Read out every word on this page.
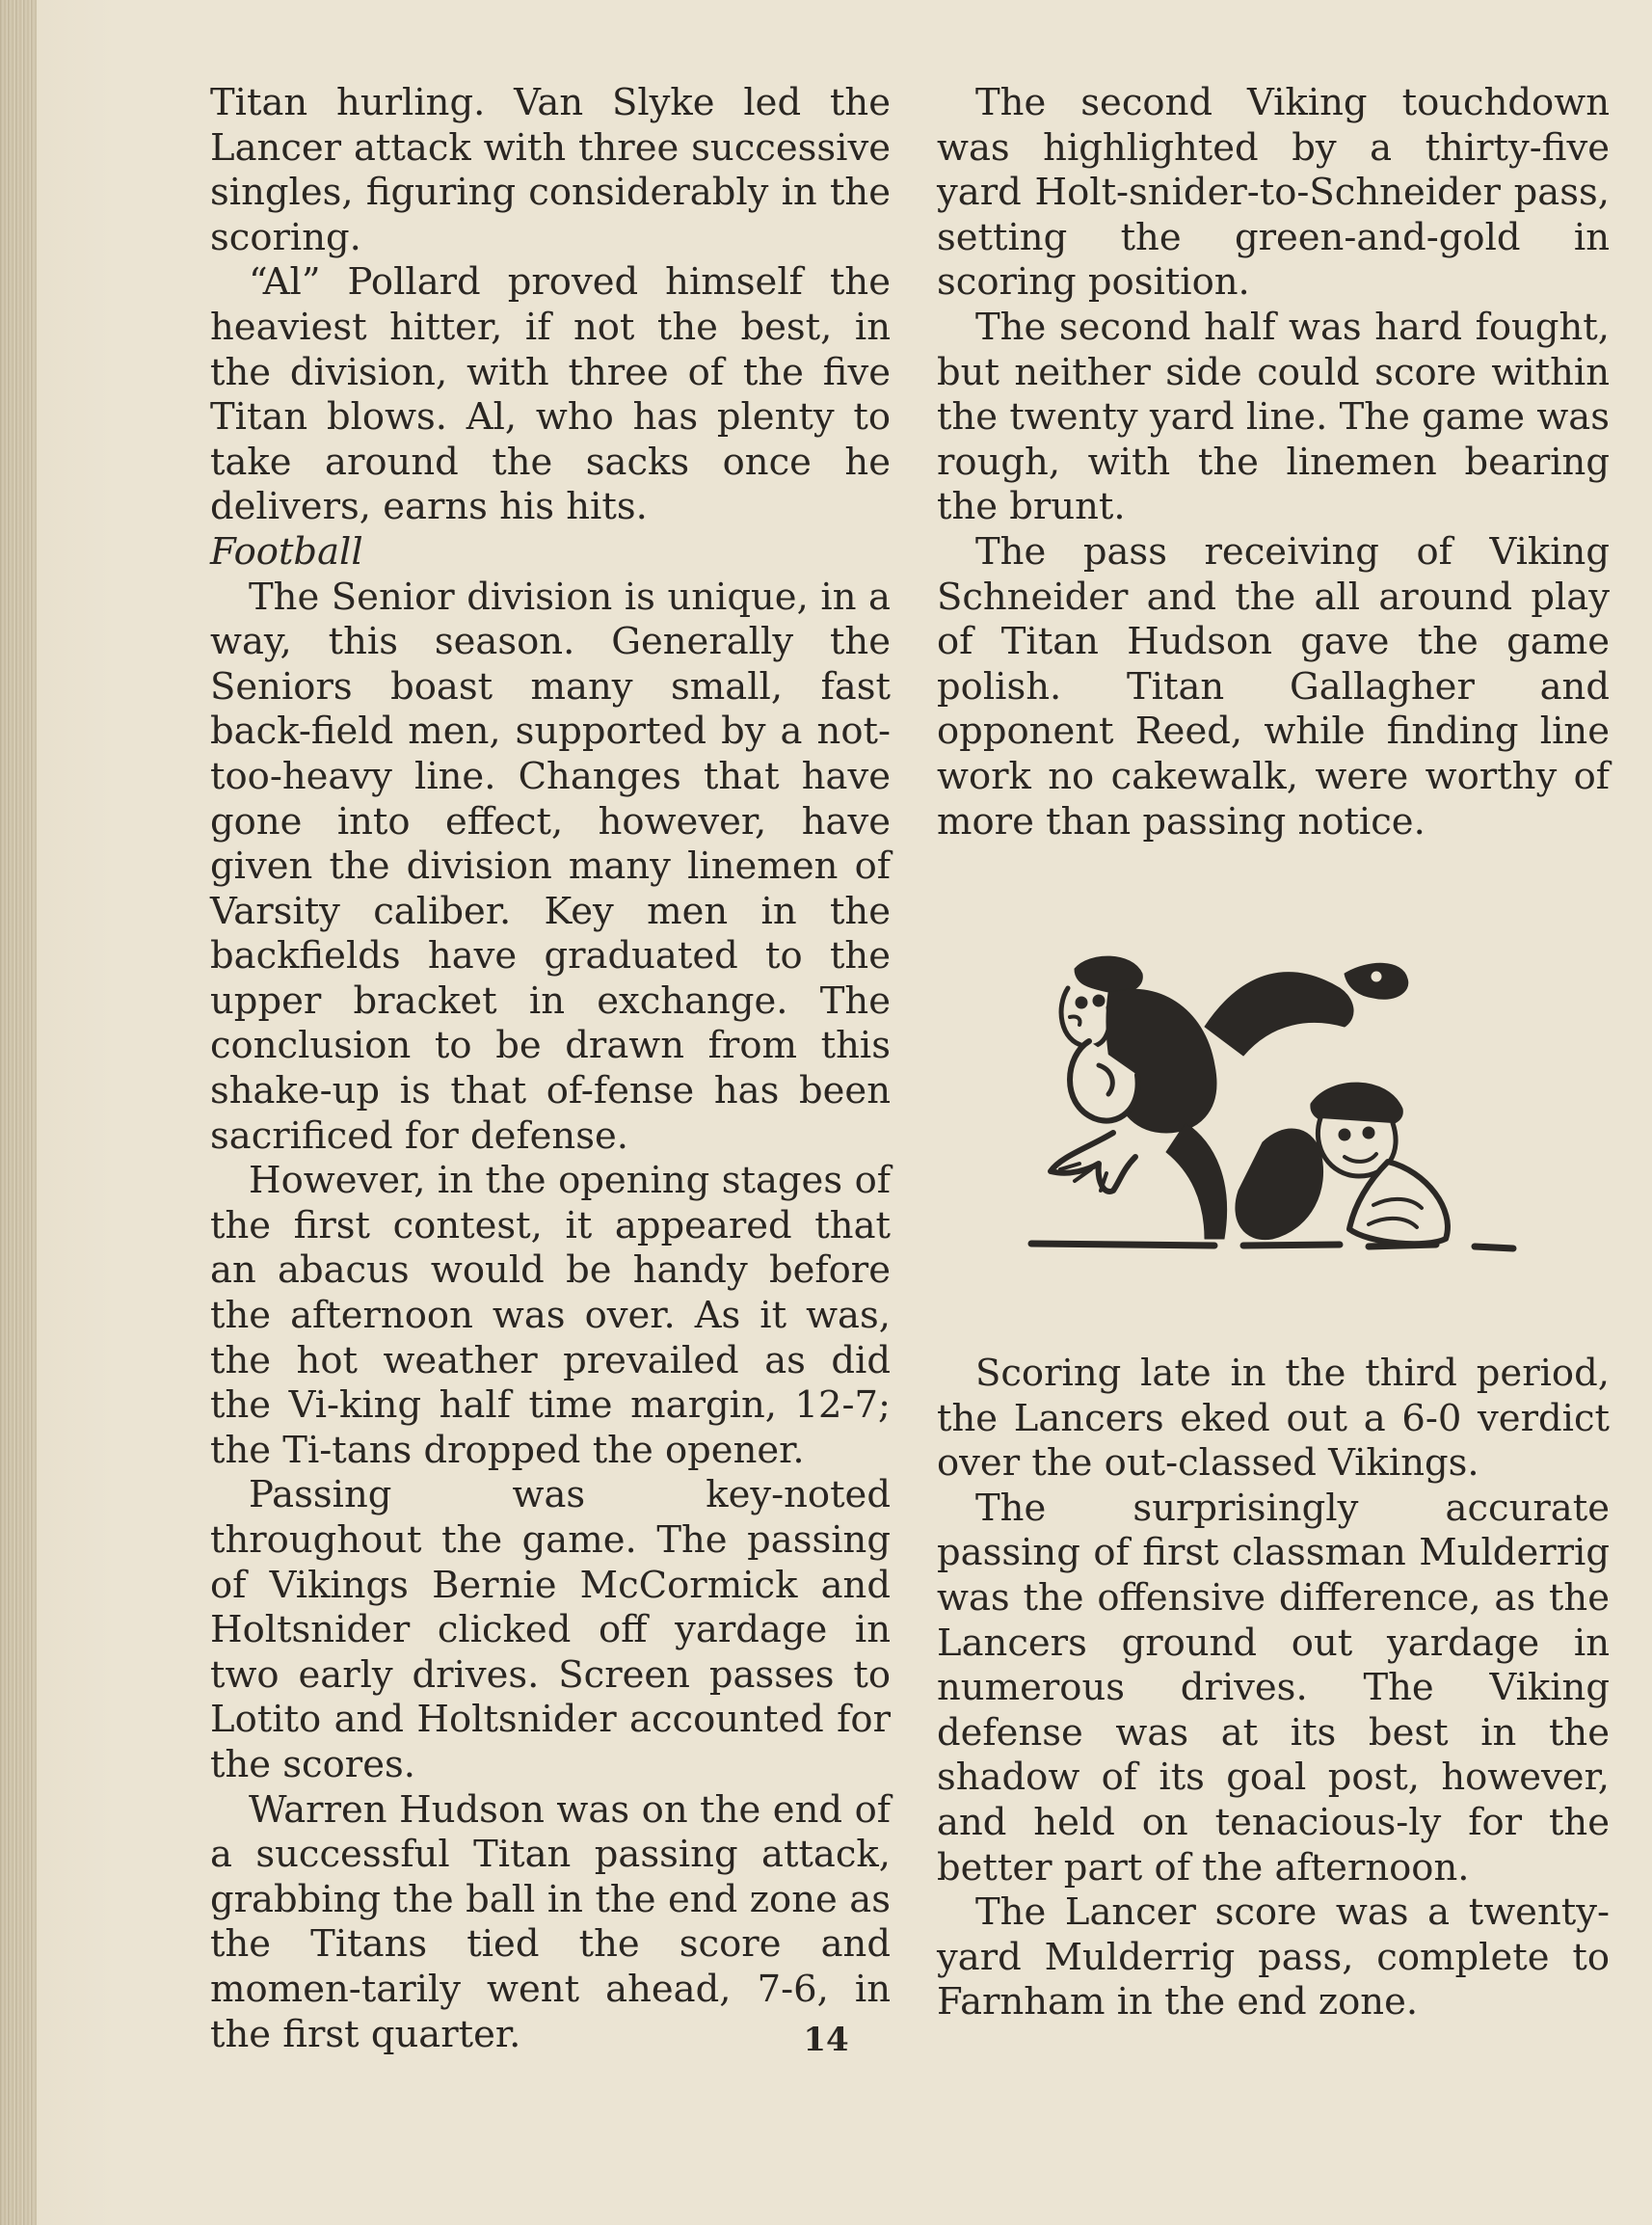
Titan hurling. Van Slyke led the Lancer attack with three successive singles, figuring considerably in the scoring.

“Al” Pollard proved himself the heaviest hitter, if not the best, in the division, with three of the five Titan blows. Al, who has plenty to take around the sacks once he delivers, earns his hits.

Football

The Senior division is unique, in a way, this season. Generally the Seniors boast many small, fast back-field men, supported by a not-too-heavy line. Changes that have gone into effect, however, have given the division many linemen of Varsity caliber. Key men in the backfields have graduated to the upper bracket in exchange. The conclusion to be drawn from this shake-up is that of-fense has been sacrificed for defense.

However, in the opening stages of the first contest, it appeared that an abacus would be handy before the afternoon was over. As it was, the hot weather prevailed as did the Vi-king half time margin, 12-7; the Ti-tans dropped the opener.

Passing was key-noted throughout the game. The passing of Vikings Bernie McCormick and Holtsnider clicked off yardage in two early drives. Screen passes to Lotito and Holtsnider accounted for the scores.

Warren Hudson was on the end of a successful Titan passing attack, grabbing the ball in the end zone as the Titans tied the score and momen-tarily went ahead, 7-6, in the first quarter.

The second Viking touchdown was highlighted by a thirty-five yard Holt-snider-to-Schneider pass, setting the green-and-gold in scoring position.

The second half was hard fought, but neither side could score within the twenty yard line. The game was rough, with the linemen bearing the brunt.

The pass receiving of Viking Schneider and the all around play of Titan Hudson gave the game polish. Titan Gallagher and opponent Reed, while finding line work no cakewalk, were worthy of more than passing notice.

Scoring late in the third period, the Lancers eked out a 6-0 verdict over the out-classed Vikings.

The surprisingly accurate passing of first classman Mulderrig was the offensive difference, as the Lancers ground out yardage in numerous drives. The Viking defense was at its best in the shadow of its goal post, however, and held on tenacious-ly for the better part of the afternoon.

The Lancer score was a twenty-yard Mulderrig pass, complete to Farnham in the end zone.

14
